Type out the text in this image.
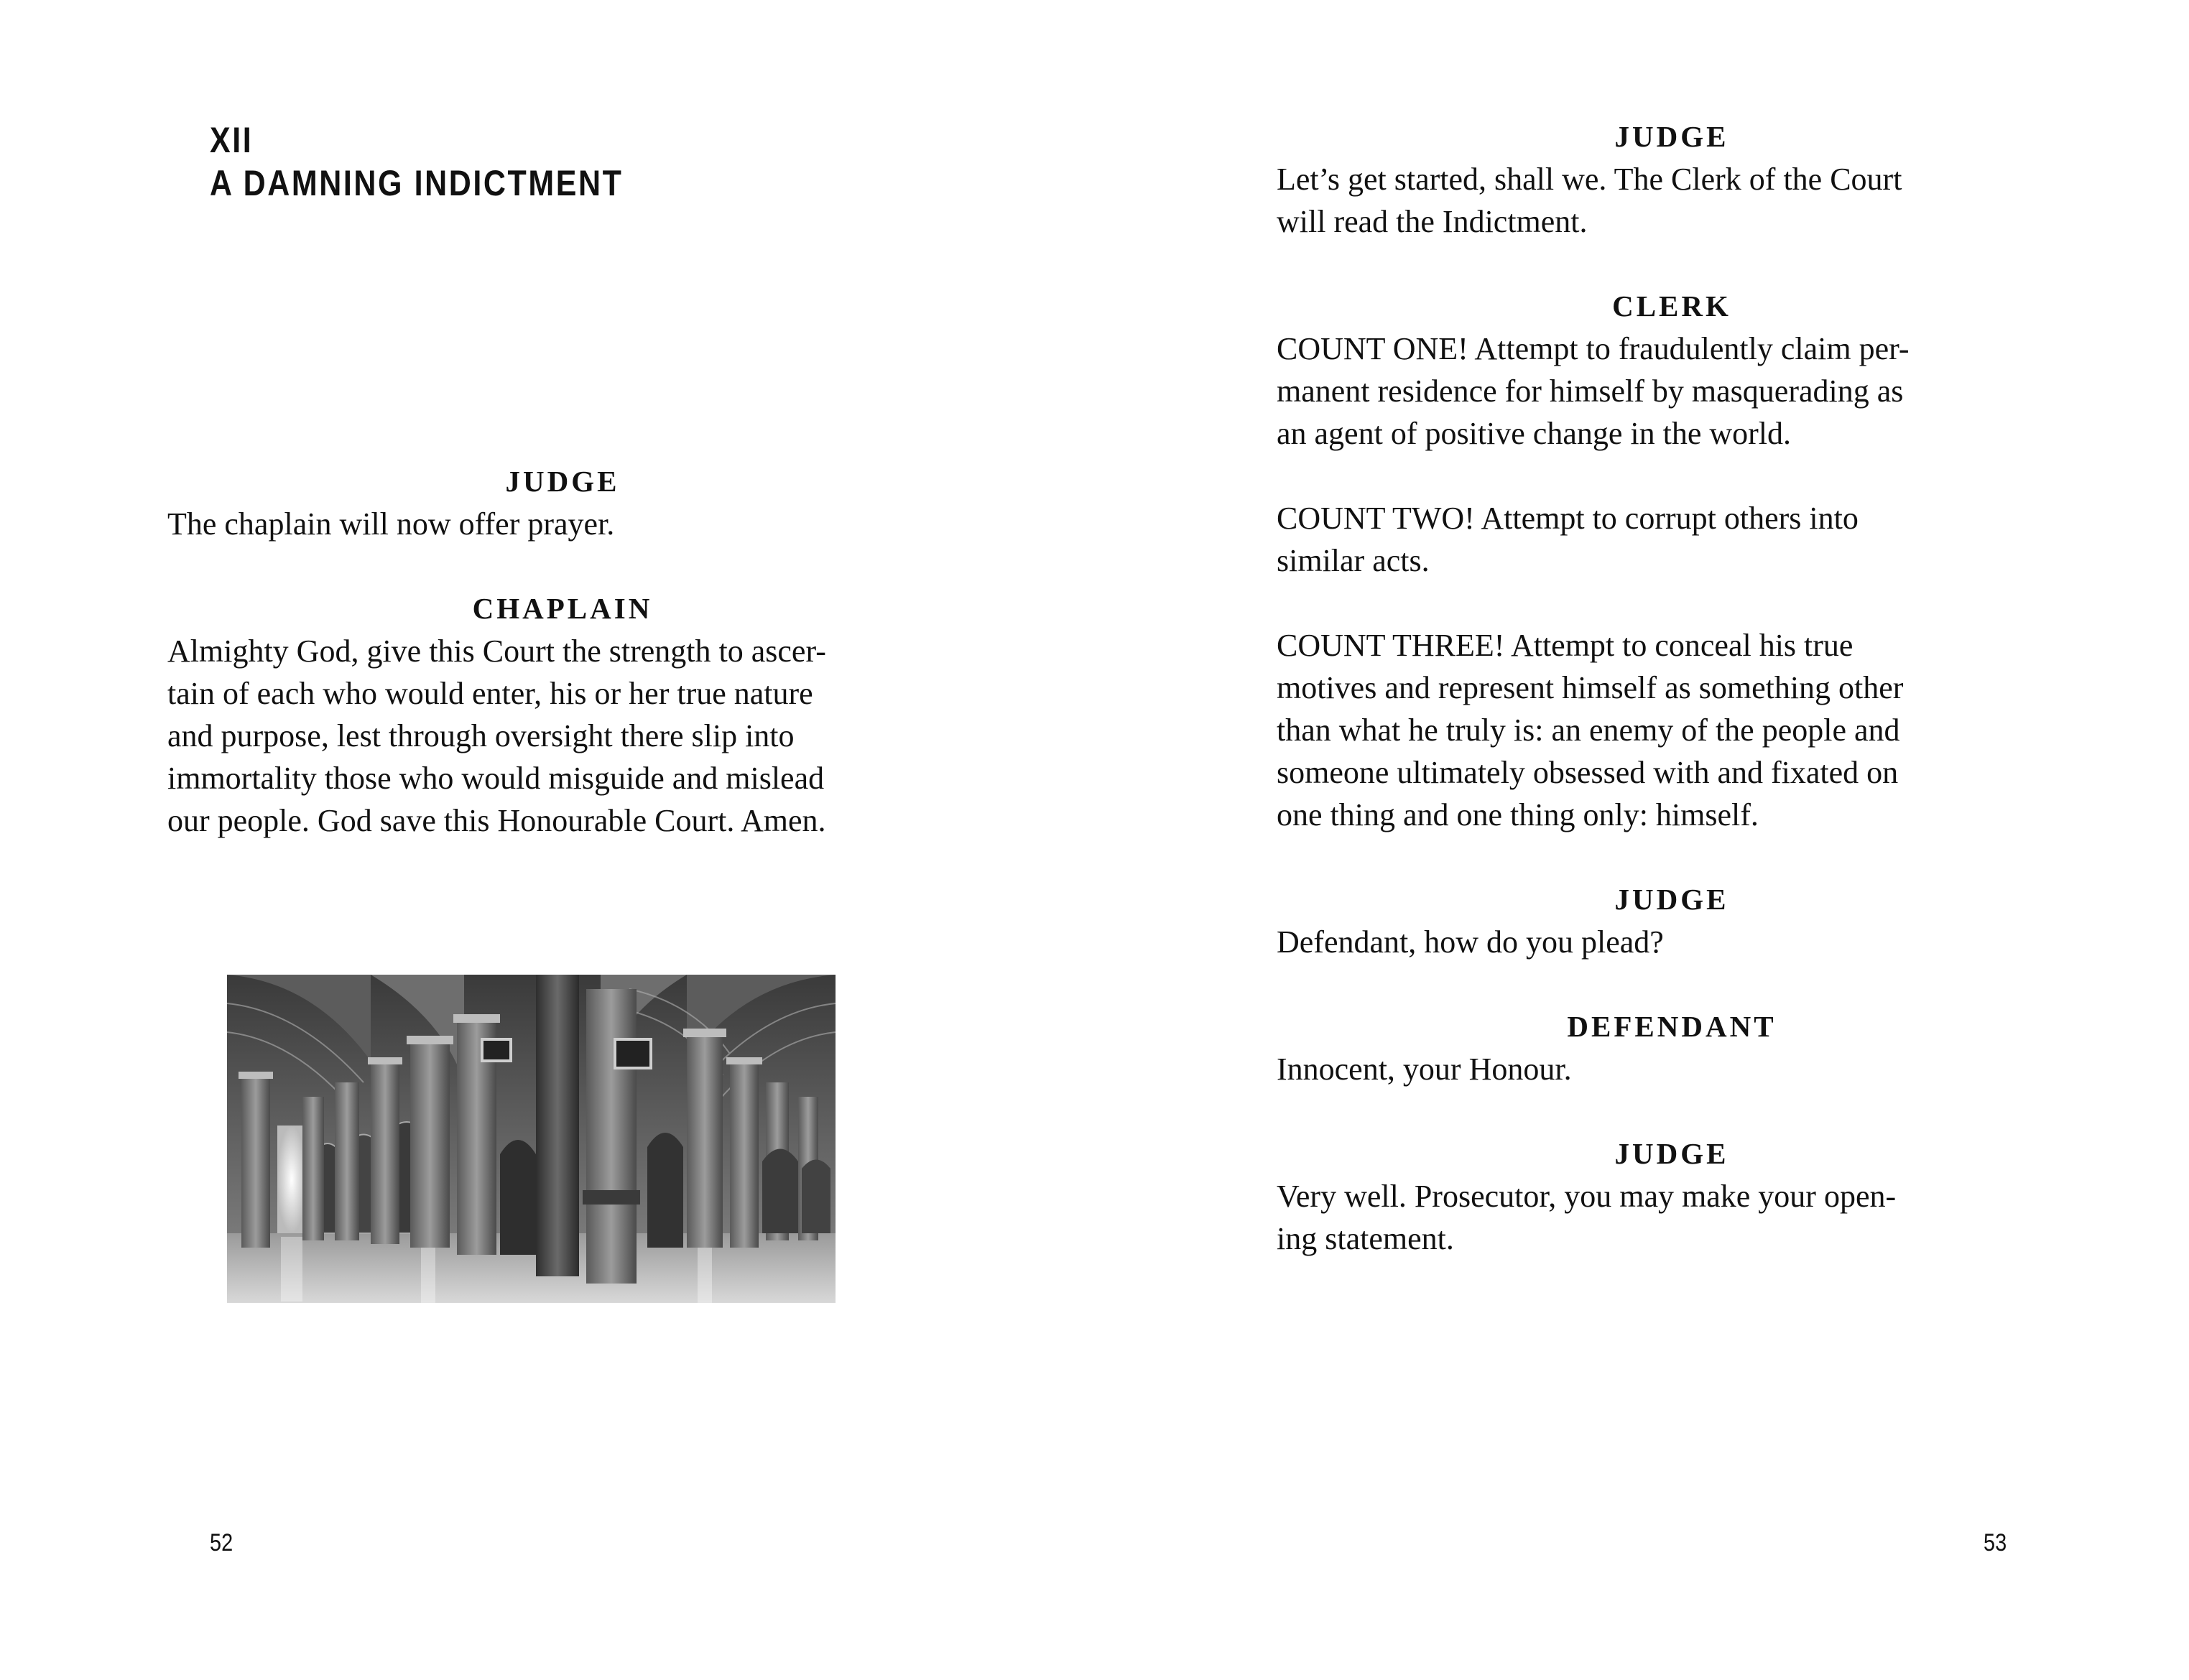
XII
A DAMNING INDICTMENT
JUDGE

The chaplain will now offer prayer.

CHAPLAIN

Almighty God, give this Court the strength to ascer-

tain of each who would enter, his or her true nature

and purpose, lest through oversight there slip into

immortality those who would misguide and mislead

our people. God save this Honourable Court. Amen.

52
JUDGE

Let’s get started, shall we. The Clerk of the Court

will read the Indictment.

CLERK

COUNT ONE! Attempt to fraudulently claim per-

manent residence for himself by masquerading as

an agent of positive change in the world.

COUNT TWO! Attempt to corrupt others into

similar acts.

COUNT THREE! Attempt to conceal his true

motives and represent himself as something other

than what he truly is: an enemy of the people and

someone ultimately obsessed with and fixated on

one thing and one thing only: himself.

JUDGE

Defendant, how do you plead?

DEFENDANT

Innocent, your Honour.

JUDGE

Very well. Prosecutor, you may make your open-

ing statement.

53
